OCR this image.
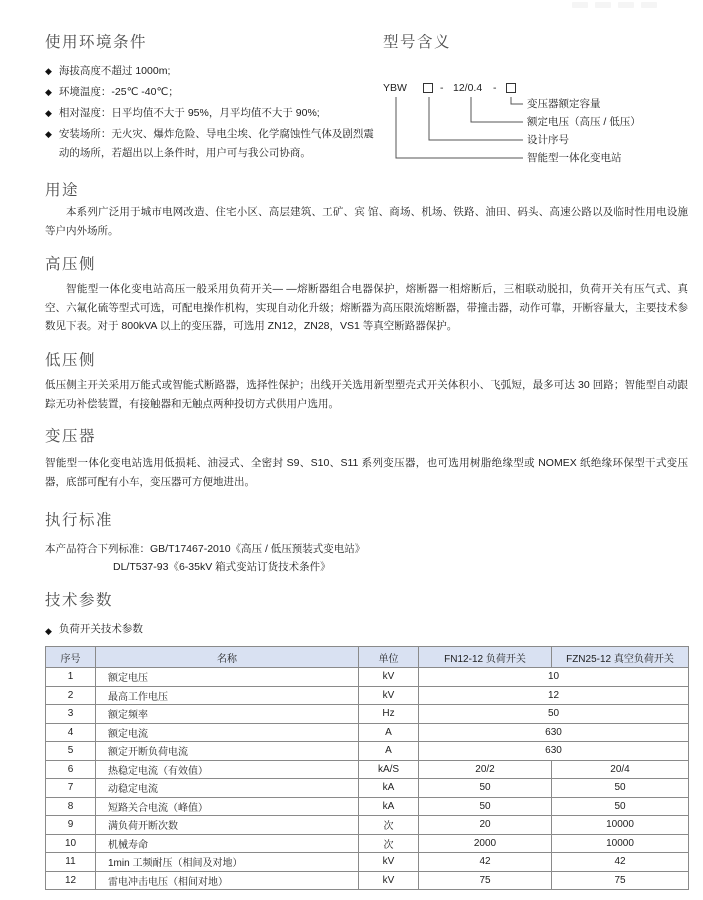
使用环境条件
◆ 海拔高度不超过 1000m;
◆ 环境温度：-25℃ -40℃；
◆ 相对湿度：日平均值不大于 95%，月平均值不大于 90%;
◆ 安装场所：无火灾、爆炸危险、导电尘埃、化学腐蚀性气体及剧烈震动的场所，若超出以上条件时，用户可与我公司协商。
型号含义
YBW	- 12/0.4 -
变压器额定容量
额定电压（高压 / 低压）
设计序号
智能型一体化变电站
用途

本系列广泛用于城市电网改造、住宅小区、高层建筑、工矿、宾 馆、商场、机场、铁路、油田、码头、高速公路以及临时性用电设施等户内外场所。

高压侧

智能型一体化变电站高压一般采用负荷开关— —熔断器组合电器保护，熔断器一相熔断后，三相联动脱扣，负荷开关有压气式、真空、六氟化硫等型式可选，可配电操作机构，实现自动化升级；熔断器为高压限流熔断器，带撞击器，动作可靠，开断容量大，主要技术参数见下表。对于 800kVA 以上的变压器，可选用 ZN12，ZN28，VS1 等真空断路器保护。

低压侧

低压侧主开关采用万能式或智能式断路器，选择性保护；出线开关选用新型塑壳式开关体积小、飞弧短，最多可达 30 回路；智能型自动跟踪无功补偿装置，有接触器和无触点两种投切方式供用户选用。

变压器

智能型一体化变电站选用低损耗、油浸式、全密封 S9、S10、S11 系列变压器，也可选用树脂绝缘型或 NOMEX 纸绝缘环保型干式变压器，底部可配有小车，变压器可方便地进出。

执行标准

本产品符合下列标准：GB/T17467-2010《高压 / 低压预装式变电站》

DL/T537-93《6-35kV 箱式变站订货技术条件》

技术参数
◆ 负荷开关技术参数
序号	名称	单位	FN12-12 负荷开关	FZN25-12 真空负荷开关
1	额定电压	kV	10	
2	最高工作电压	kV	12	
3	额定频率	Hz	50	
4	额定电流	A	630	
5	额定开断负荷电流	A	630	
6	热稳定电流（有效值）	kA/S	20/2	20/4
7	动稳定电流	kA	50	50
8	短路关合电流（峰值）	kA	50	50
9	满负荷开断次数	次	20	10000
10	机械寿命	次	2000	10000
11	1min 工频耐压（相间及对地）	kV	42	42
12	雷电冲击电压（相间对地）	kV	75	75
